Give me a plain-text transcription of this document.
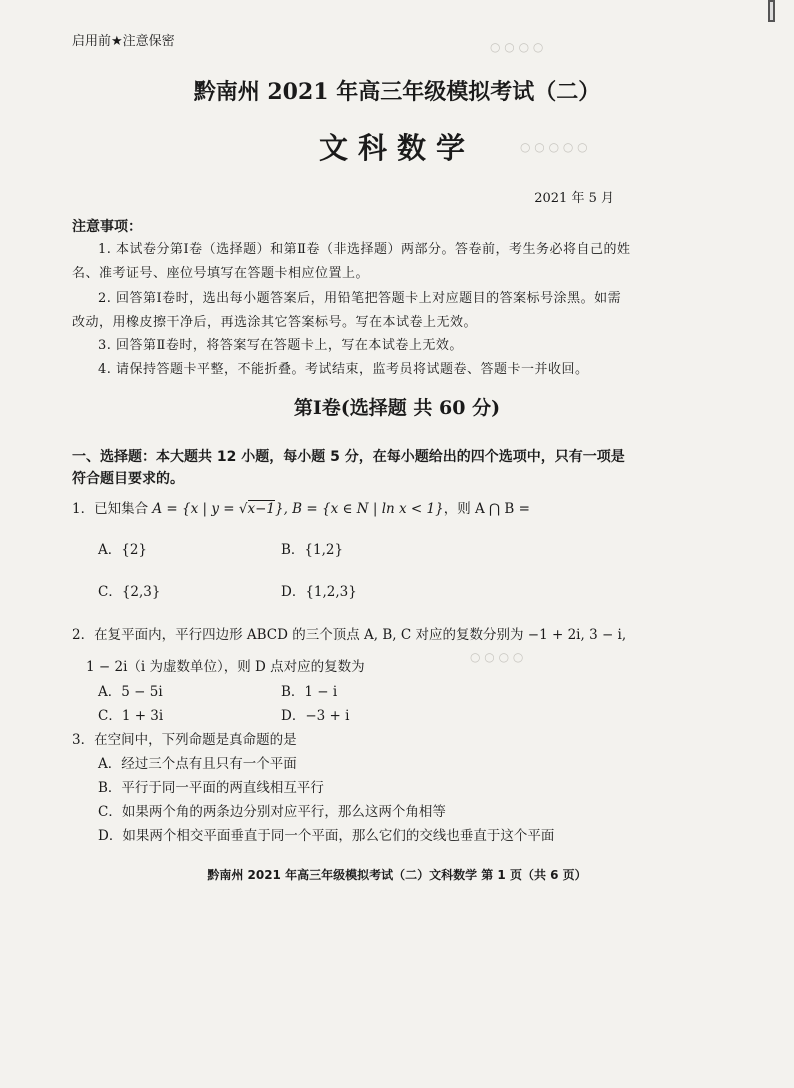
○ ○ ○ ○
○ ○ ○ ○ ○
○ ○ ○ ○
启用前★注意保密
黔南州 2021 年高三年级模拟考试（二）
文科数学
2021 年 5 月
注意事项：
1. 本试卷分第Ⅰ卷（选择题）和第Ⅱ卷（非选择题）两部分。答卷前，考生务必将自己的姓名、准考证号、座位号填写在答题卡相应位置上。
2. 回答第Ⅰ卷时，选出每小题答案后，用铅笔把答题卡上对应题目的答案标号涂黑。如需改动，用橡皮擦干净后，再选涂其它答案标号。写在本试卷上无效。
3. 回答第Ⅱ卷时，将答案写在答题卡上，写在本试卷上无效。
4. 请保持答题卡平整，不能折叠。考试结束，监考员将试题卷、答题卡一并收回。
第Ⅰ卷(选择题 共 60 分)
一、选择题：本大题共 12 小题，每小题 5 分，在每小题给出的四个选项中，只有一项是符合题目要求的。
1．已知集合 A = {x | y = √x−1}, B = {x ∈ N | ln x < 1}，则 A ⋂ B =
A．{2}	B．{1,2}
C．{2,3}	D．{1,2,3}
2．在复平面内，平行四边形 ABCD 的三个顶点 A, B, C 对应的复数分别为 −1 + 2i, 3 − i,
1 − 2i（i 为虚数单位），则 D 点对应的复数为
A．5 − 5i	B．1 − i
C．1 + 3i	D．−3 + i
3．在空间中，下列命题是真命题的是
A．经过三个点有且只有一个平面
B．平行于同一平面的两直线相互平行
C．如果两个角的两条边分别对应平行，那么这两个角相等
D．如果两个相交平面垂直于同一个平面，那么它们的交线也垂直于这个平面
黔南州 2021 年高三年级模拟考试（二）文科数学 第 1 页（共 6 页）
